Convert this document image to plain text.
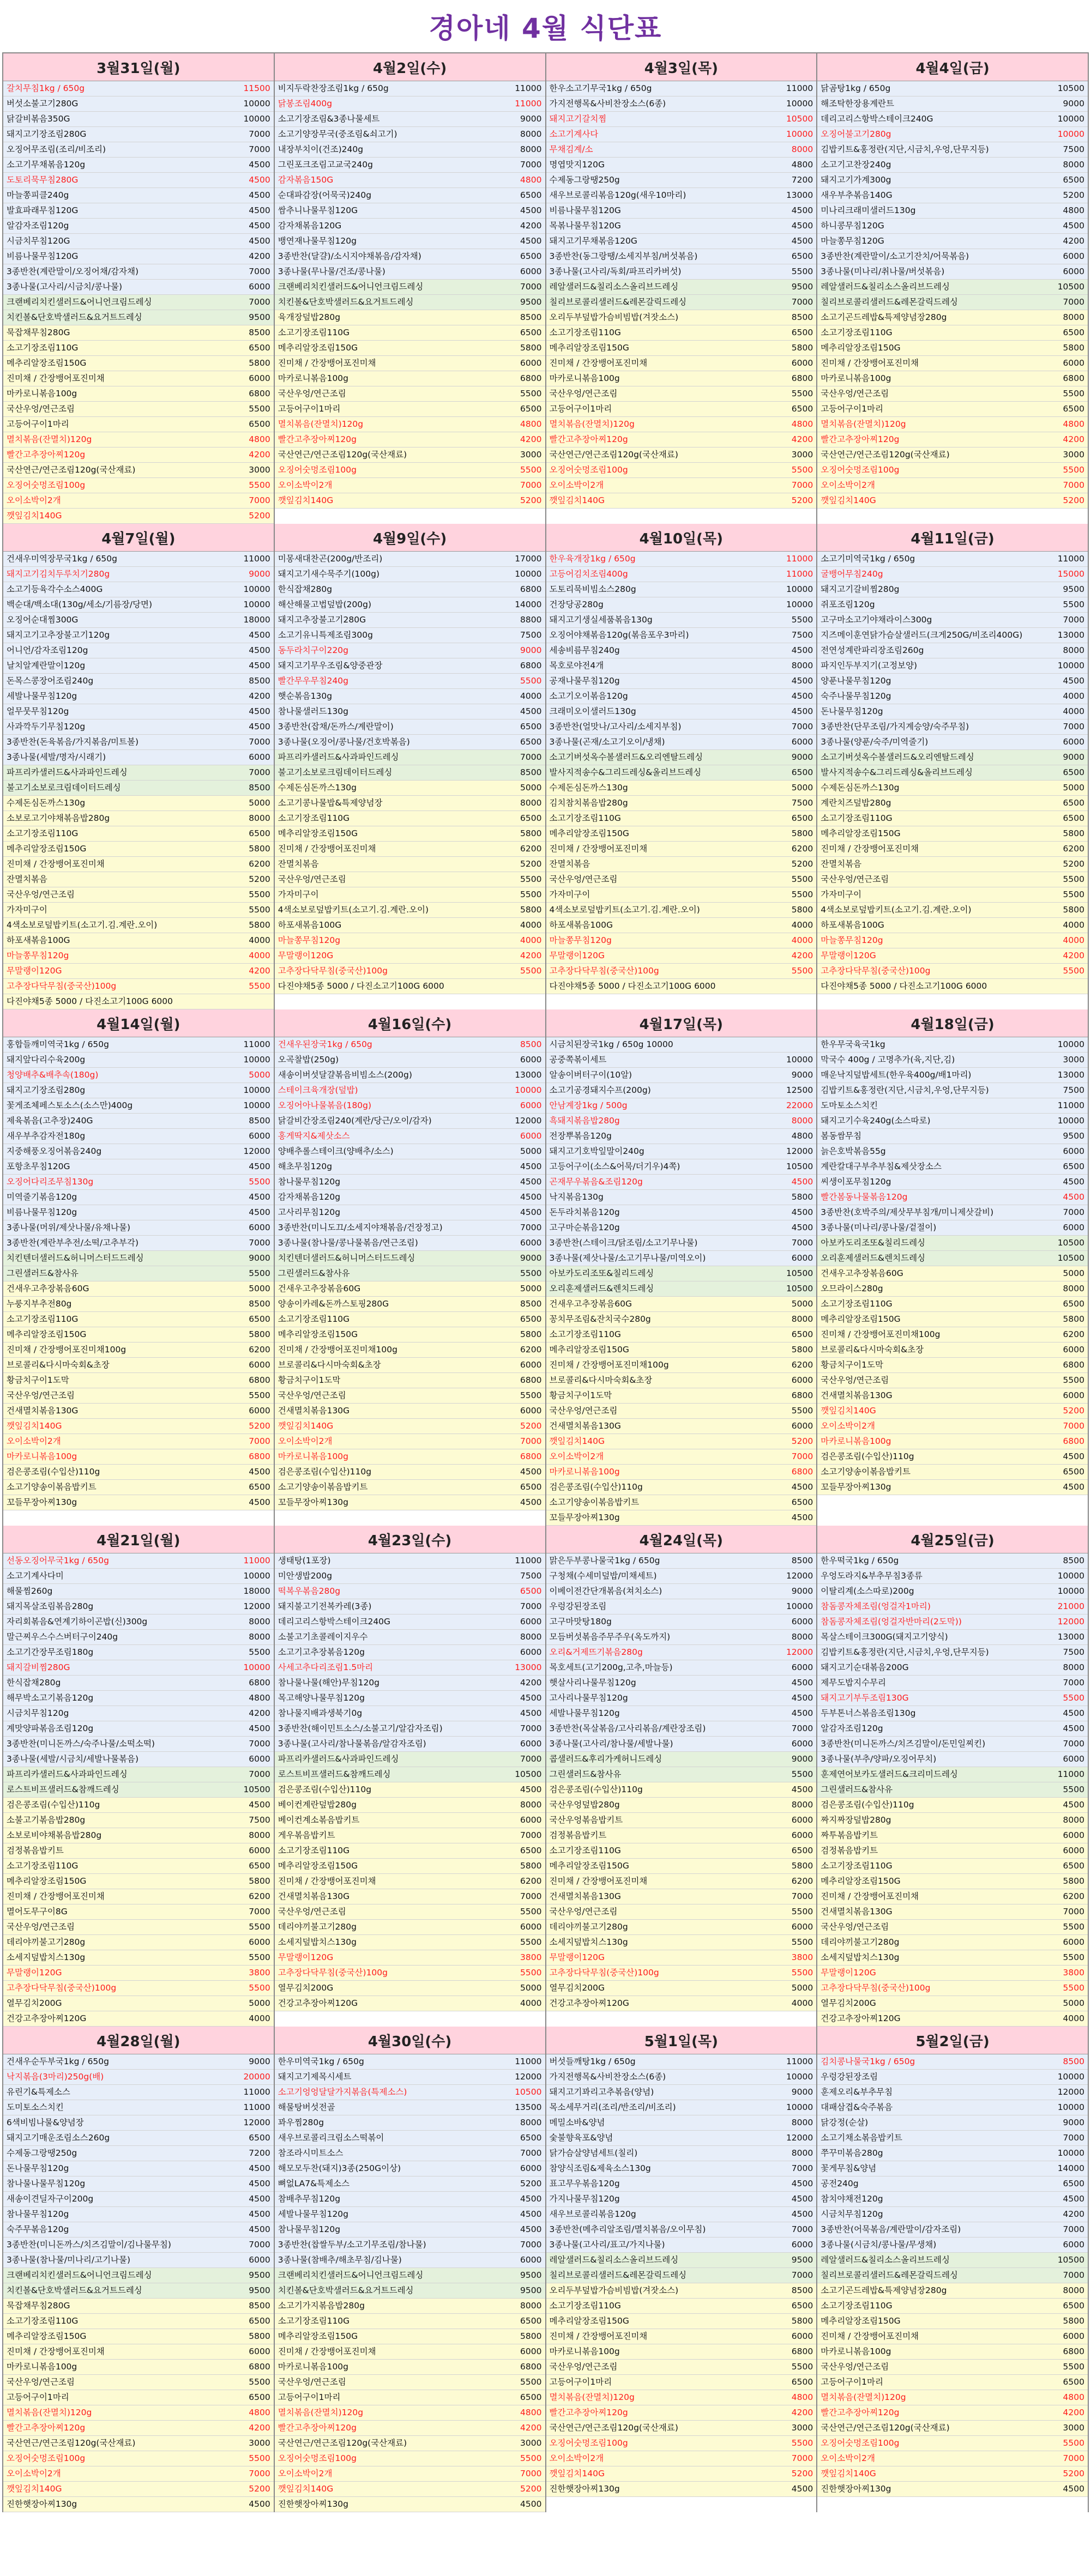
경아네 4월 식단표
3월31일(월)
갈치무침1kg / 650g	11500
버섯소불고기280G	10000
닭갈비볶음350G	10000
돼지고기장조림280G	7000
오징어무조림(조리/비조리)	7000
소고기무채볶음120g	4500
도토리묵무침280G	4500
마늘쫑피클240g	4500
발효파래무침120G	4500
알감자조림120g	4500
시금치무침120G	4500
비름나물무침120G	4200
3종반찬(계란말이/오징어채/감자채)	7000
3종나물(고사리/시금치/콩나물)	6000
크랜베리치킨샐러드&어니언크림드레싱	7000
치킨볼&단호박샐러드&요거트드레싱	9500
묵잡채무침280G	8500
소고기장조림110G	6500
메추리알장조림150G	5800
진미채 / 간장뱅어포진미채	6000
마카로니볶음100g	6800
국산우엉/연근조림	5500
고등어구이1마리	6500
멸치볶음(잔멸치)120g	4800
빨간고추장아찌120g	4200
국산연근/연근조림120g(국산재료)	3000
오징어숫멍조림100g	5500
오이소박이2개	7000
깻잎김치140G	5200
4월2일(수)
비지두락찬장조림1kg / 650g	11000
닭봉조림400g	11000
소고기장조림&3종나물세트	9000
소고기양장무국(중조림&쇠고기)	8000
내장부치이(건조)240g	8000
그린포크조림고교국240g	7000
감자볶음150G	4800
순대파감장(어묵국)240g	6500
쌈추니나물무침120G	4500
감자채볶음120G	4200
뱅연재나물무침120g	4500
3종반찬(달걀)/소시지야채볶음/감자채)	6500
3종나물(무나물/건조/콩나물)	6000
크랜베리치킨샐러드&어니언크림드레싱	7000
치킨볼&단호박샐러드&요거트드레싱	9500
육개장덮밥280g	8500
소고기장조림110G	6500
메추리알장조림150G	5800
진미채 / 간장뱅어포진미채	6000
마카로니볶음100g	6800
국산우엉/연근조림	5500
고등어구이1마리	6500
멸치볶음(잔멸치)120g	4800
빨간고추장아찌120g	4200
국산연근/연근조림120g(국산재료)	3000
오징어숫멍조림100g	5500
오이소박이2개	7000
깻잎김치140G	5200
4월3일(목)
한우소고기무국1kg / 650g	11000
가지전행목&사비찬장소스(6종)	10000
돼지고기갈치찜	10500
소고기계사다	10000
무채김계/소	8000
명엽맛지120G	4800
수제동그랑땡250g	7200
새우브로콜리볶음120g(새우10마리)	13000
비름나물무침120G	4500
목볶나물무침120G	4500
돼지고기무채볶음120G	4500
3종반찬(동그랑땡/소세지부침/버섯볶음)	6500
3종나물(고사리/독회/파프리카버섯)	5500
레알샐러드&칠리소스올리브드레싱	9500
칠리브로콜리샐러드&레몬갈릭드레싱	7000
오리두부덮밥가슴비빔밥(겨잣소스)	8500
소고기장조림110G	6500
메추리알장조림150G	5800
진미채 / 간장뱅어포진미채	6000
마카로니볶음100g	6800
국산우엉/연근조림	5500
고등어구이1마리	6500
멸치볶음(잔멸치)120g	4800
빨간고추장아찌120g	4200
국산연근/연근조림120g(국산재료)	3000
오징어숫멍조림100g	5500
오이소박이2개	7000
깻잎김치140G	5200
4월4일(금)
닭곰탕1kg / 650g	10500
해조탁한장용계란트	9000
데리고리스항박스테이크240G	10000
오징어불고기280g	10000
김밥키트&홍정란(지단,시금치,우엉,단무지등)	7500
소고기고찬장240g	8000
돼지고기가계300g	6500
새우부추볶음140G	5200
미나리크래미샐러드130g	4800
하니콩무침120G	4500
마늘쫑무침120G	4200
3종반찬(계란말이/소고기잔치/어묵볶음)	6000
3종나물(미나리/취나물/버섯볶음)	6000
레알샐러드&칠리소스올리브드레싱	10500
칠리브로콜리샐러드&레몬갈릭드레싱	7000
소고기곤드레밥&특제양념장280g	8000
소고기장조림110G	6500
메추리알장조림150G	5800
진미채 / 간장뱅어포진미채	6000
마카로니볶음100g	6800
국산우엉/연근조림	5500
고등어구이1마리	6500
멸치볶음(잔멸치)120g	4800
빨간고추장아찌120g	4200
국산연근/연근조림120g(국산재료)	3000
오징어숫멍조림100g	5500
오이소박이2개	7000
깻잎김치140G	5200
4월7일(월)
건새우미역장무국1kg / 650g	11000
돼지고기김치두루치기280g	9000
소고기등육각수소스400G	10000
백순대/백소대(130g/세소/기름장/당면)	10000
오징어순대찜300G	18000
돼지고기고추장불고기120g	4500
어니언/감자조림120g	4500
날치알계란말이120g	4500
돈목스콩장어조림240g	8500
세발나물무침120g	4200
얼무뭇무침120g	4500
사과깍두기무침120g	4500
3종반찬(돈육볶음/가지볶음/미트볼)	7000
3종나물(세발/명자/시래기)	6000
파프리카샐러드&사과파인드레싱	7000
불고기소보로크림데이터드레싱	8500
수제돈심돈까스130g	5000
소보로고기야채볶음밥280g	8000
소고기장조림110G	6500
메추리알장조림150G	5800
진미채 / 간장뱅어포진미채	6200
잔멸치볶음	5200
국산우엉/연근조림	5500
가자미구이	5500
4색소보로덮밥키트(소고기.김.계란.오이)	5800
하포새볶음100G	4000
마늘쫑무침120g	4000
무말랭이120G	4200
고추장다닥무침(중국산)100g	5500
다진야채5종 5000 / 다진소고기100G 6000
4월9일(수)
미몽새대찬곤(200g/반조리)	17000
돼지고기새수묵주기(100g)	10000
한식잡채280g	6800
해산해물고법덮밥(200g)	14000
돼지고추장불고기280G	8800
소고기유니특제조림300g	7500
동두라치구이220g	9000
돼지고기무우조림&양중관장	6800
빨간무우무침240g	5500
햇순볶음130g	4000
참나물샐러드130g	4500
3종반찬(잡채/돈까스/계란말이)	6500
3종나물(오징어/콩나물/건호박볶음)	6500
파프리카샐러드&사과파인드레싱	7000
불고기소보로크림데이터드레싱	8500
수제돈심돈까스130g	5000
소고기콩나물밥&특제양념장	8000
소고기장조림110G	6500
메추리알장조림150G	5800
진미채 / 간장뱅어포진미채	6200
잔멸치볶음	5200
국산우엉/연근조림	5500
가자미구이	5500
4색소보로덮밥키트(소고기.김.계란.오이)	5800
하포새볶음100G	4000
마늘쫑무침120g	4000
무말랭이120G	4200
고추장다닥무침(중국산)100g	5500
다진야채5종 5000 / 다진소고기100G 6000
4월10일(목)
한우육개장1kg / 650g	11000
고등어김치조림400g	11000
도토리묵비빔소스280g	10000
건장당공280g	10000
돼지고기생실세품볶음130g	5500
오징어야채볶음120g(볶음포우3마리)	7500
세송비름무침240g	4500
목호로야전4개	8000
공재나물무침120g	4500
소고기오이볶음120g	4500
크래미오이샐러드130g	4500
3종반찬(얼맛나/고사리/소세지부침)	7000
3종나물(곤재/소고기오이/냉채)	6000
소고기버섯옥수볼샐러드&오리엔탈드레싱	9000
발사지적송수&그리드레싱&올리브드레싱	6500
수제돈심돈까스130g	5000
김치참치볶음밥280g	7500
소고기장조림110G	6500
메추리알장조림150G	5800
진미채 / 간장뱅어포진미채	6200
잔멸치볶음	5200
국산우엉/연근조림	5500
가자미구이	5500
4색소보로덮밥키트(소고기.김.계란.오이)	5800
하포새볶음100G	4000
마늘쫑무침120g	4000
무말랭이120G	4200
고추장다닥무침(중국산)100g	5500
다진야채5종 5000 / 다진소고기100G 6000
4월11일(금)
소고기미역국1kg / 650g	11000
굴뱅어무침240g	15000
돼지고기갈비찜280g	9500
쥐포조림120g	5500
고구마소고기야채라이스300g	7000
지즈메이훈연닭가슴살샐러드(크게250G/비조리400G)	13000
전연성계란파리장조림260g	8000
파지인두부지기(고정보양)	10000
양푼나물무침120g	4500
숙주나물무침120g	4000
돈나물무침120g	4000
3종반찬(단무조림/가지계승양/숙주무침)	7000
3종나물(양푼/숙주/미역줄기)	6000
소고기버섯옥수볼샐러드&오리엔탈드레싱	9000
발사지적송수&그리드레싱&올리브드레싱	6500
수제돈심돈까스130g	5000
계란치즈덮밥280g	6500
소고기장조림110G	6500
메추리알장조림150G	5800
진미채 / 간장뱅어포진미채	6200
잔멸치볶음	5200
국산우엉/연근조림	5500
가자미구이	5500
4색소보로덮밥키트(소고기.김.계란.오이)	5800
하포새볶음100G	4000
마늘쫑무침120g	4000
무말랭이120G	4200
고추장다닥무침(중국산)100g	5500
다진야채5종 5000 / 다진소고기100G 6000
4월14일(월)
홍합들깨미역국1kg / 650g	11000
돼지앞다리수육200g	10000
청양배추&배추속(180g)	5000
돼지고기장조림280g	10000
꽃게조체페스토소스(소스만)400g	10000
제육볶음(고추장)240G	8500
새우부추감자전180g	6000
지중해풍오징어볶음240g	12000
포항초무침120G	4500
오징어다리조무침130g	5500
미역줄기볶음120g	4500
비름나물무침120g	4500
3종나물(머위/제삿나물/유채나물)	6000
3종반찬(계란부추전/소떡/고추부각)	7000
치킨텐더샐러드&허니머스터드드레싱	9000
그린샐러드&참사유	5500
건새우고추장볶음60G	5000
누룽지부추전80g	8500
소고기장조림110G	6500
메추리알장조림150G	5800
진미채 / 간장뱅어포진미채100g	6200
브로콜리&다시마숙회&초장	6000
황금치구이1도막	6800
국산우엉/연근조림	5500
건새멸치볶음130G	6000
깻잎김치140G	5200
오이소박이2개	7000
마카로니볶음100g	6800
검은콩조림(수입산)110g	4500
소고기양송이볶음밥키트	6500
꼬들무장아찌130g	4500
4월16일(수)
건새우된장국1kg / 650g	8500
오곡찰밥(250g)	6000
새송이버섯달걀볶음비빔소스(200g)	13000
스테이크육개장(덮밥)	10000
오징어아나물볶음(180g)	6000
닭갈비간장조림240(계란/당근/오이/감자)	12000
홍게딱지&제삿소스	6000
양배추롤스테이크(양배추/소스)	5000
해초무침120g	4500
참나물무침120g	4500
감자채볶음120g	4500
고사리무침120g	4500
3종반찬(미니도끄/소세지야채볶음/건장정고)	7000
3종나물(참나물/콩나물볶음/연근조림)	6000
치킨텐더샐러드&허니머스터드드레싱	9000
그린샐러드&참사유	5500
건새우고추장볶음60G	5000
양송이카레&돈까스토핑280G	8500
소고기장조림110G	6500
메추리알장조림150G	5800
진미채 / 간장뱅어포진미채100g	6200
브로콜리&다시마숙회&초장	6000
황금치구이1도막	6800
국산우엉/연근조림	5500
건새멸치볶음130G	6000
깻잎김치140G	5200
오이소박이2개	7000
마카로니볶음100g	6800
검은콩조림(수입산)110g	4500
소고기양송이볶음밥키트	6500
꼬들무장아찌130g	4500
4월17일(목)
시금치된장국1kg / 650g 10000
공중쪽볶이세트	10000
알송이버터구이(10알)	9000
소고기공경돼지수프(200g)	12500
안남계장1kg / 500g	22000
흑돼지볶음밥280g	8000
전장뿌볶음120g	4800
돼지고기호박잎말이240g	12000
고등어구이(소스&어묵/더기우)4쪽)	10500
곤재무우볶음&조림120g	4500
낙지볶음130g	5800
돈두라치볶음120g	4500
고구마순볶음120g	4500
3종반찬(스테이크/닭조림/소고기무나물)	7000
3종나물(제삿나물/소고기무나물/미역오이)	6000
아보카도리조또&칠리드레싱	10500
오리훈제샐러드&렌치드레싱	10500
건새우고추장볶음60G	5000
꽁치무조림&잔치국수280g	8000
소고기장조림110G	6500
메추리알장조림150G	5800
진미채 / 간장뱅어포진미채100g	6200
브로콜리&다시마숙회&초장	6000
황금치구이1도막	6800
국산우엉/연근조림	5500
건새멸치볶음130G	6000
깻잎김치140G	5200
오이소박이2개	7000
마카로니볶음100g	6800
검은콩조림(수입산)110g	4500
소고기양송이볶음밥키트	6500
꼬들무장아찌130g	4500
4월18일(금)
한우무국육국1kg	10000
막국수 400g / 고명추가(육,지단,김)	3000
매운낙지덮밥세트(한우육400g/배1마리)	13000
김밥키트&홍정란(지단,시금치,우엉,단무지등)	7500
도마토소스치킨	11000
돼지고기수육240g(소스따로)	10000
봄동쌈무침	9500
늙은호박볶음55g	6000
계란칼대구부추부침&제삿장소스	6500
씨생이포무침120g	4500
빨간봄동나물볶음120g	4500
3종반찬(호박주의/제삿무부침개/미니제삿갈비)	7000
3종나물(미나리/콩나물/겉절이)	6000
아보카도리조또&칠리드레싱	10500
오리훈제샐러드&렌치드레싱	10500
건새우고추장볶음60G	5000
오므라이스280g	8000
소고기장조림110G	6500
메추리알장조림150G	5800
진미채 / 간장뱅어포진미채100g	6200
브로콜리&다시마숙회&초장	6000
황금치구이1도막	6800
국산우엉/연근조림	5500
건새멸치볶음130G	6000
깻잎김치140G	5200
오이소박이2개	7000
마카로니볶음100g	6800
검은콩조림(수입산)110g	4500
소고기양송이볶음밥키트	6500
꼬들무장아찌130g	4500
4월21일(월)
선동오징어무국1kg / 650g	11000
소고기계사다미	10000
해물찜260g	18000
돼지목살조림볶음280g	12000
자리회볶음&연계기하이곤밥(신)300g	8000
말근찌우스수스버터구이240g	8000
소고기간장무조림180g	5500
돼지갈비찜280G	10000
한식잡채280g	6800
해무박소고기볶음120g	4800
시금치무침120g	4200
계맛양파볶음조림120g	4500
3종반찬(미니돈까스/숙주나물/소떡소떡)	7000
3종나물(세발/시금치/세발나물볶음)	6000
파프리카샐러드&사과파인드레싱	7000
로스트비프샐러드&참깨드레싱	10500
검은콩조림(수입산)110g	4500
소불고기볶음밥280g	7500
소보로비야채볶음밥280g	8000
검정볶음밥키트	6000
소고기장조림110G	6500
메추리알장조림150G	5800
진미채 / 간장뱅어포진미채	6200
멸어도무구이8G	7000
국산우엉/연근조림	5500
데리야끼불고기280g	6000
소세지덮밥치스130g	5500
무말랭이120G	3800
고추장다닥무침(중국산)100g	5500
열무김치200G	5000
건강고추장아찌120G	4000
4월23일(수)
생태탕(1포장)	11000
미안생밥200g	7500
떡복우볶음280g	6500
돼지불고기전복카레(3종)	7000
데리고리스항박스테이크240G	6000
소불고기초콜레이지우수	8000
소고기고추장볶음120g	6000
사세고추다리조림1.5마리	13000
참나물나물(해안)무침120g	4200
목고해양나물무침120g	4500
참나물지배과생북기0g	4500
3종반찬(해이민트소스/소불고기/알감자조림)	7000
3종나물(고사리/참나물볶음/알감자조림)	6000
파프리카샐러드&사과파인드레싱	7000
로스트비프샐러드&참깨드레싱	10500
검은콩조림(수입산)110g	4500
베이컨계란덮밥280g	8000
베이컨계소볶음밥키트	6000
게우볶음밥키트	7000
소고기장조림110G	6500
메추리알장조림150G	5800
진미채 / 간장뱅어포진미채	6200
건새멸치볶음130G	7000
국산우엉/연근조림	5500
데리야끼불고기280g	6000
소세지덮밥치스130g	5500
무말랭이120G	3800
고추장다닥무침(중국산)100g	5500
열무김치200G	5000
건강고추장아찌120G	4000
4월24일(목)
맑은두부콩나물국1kg / 650g	8500
구청채(수세미덮밥/미채세트)	12000
이베이전간단개볶음(쳐치소스)	9000
우렁강된장조림	10000
고구마맛탕180g	6000
모듬버섯볶음주무주우(옥도까지)	8000
오리&거제뜨기볶음280g	12000
목호세트(고기200g,고추,마늘등)	6000
햇살사리나물무침120g	4500
고사리나물무침120g	4500
세발나물무침120g	4500
3종반찬(목살볶음/고사리볶음/계란장조림)	7000
3종나물(고사리/참나물/세발나물)	6000
콥샐러드&후리가케허니드레싱	9000
그린샐러드&참사유	5500
검은콩조림(수입산)110g	4500
국산우엉덮밥280g	8000
국산우엉볶음밥키트	6000
검정볶음밥키트	6000
소고기장조림110G	6500
메추리알장조림150G	5800
진미채 / 간장뱅어포진미채	6200
건새멸치볶음130G	7000
국산우엉/연근조림	5500
데리야끼불고기280g	6000
소세지덮밥치스130g	5500
무말랭이120G	3800
고추장다닥무침(중국산)100g	5500
열무김치200G	5000
건강고추장아찌120G	4000
4월25일(금)
한우떡국1kg / 650g	8500
우엉도라지&부추무침3종류	10000
이탈리계(소스따로)200g	10000
참돔콩자체조림(엉걸자1마리)	21000
참돔콩자체조림(엉걸자반마리(2도막))	12000
목살스테이크300G(돼지고기양식)	13000
김밥키트&홍정란(지단,시금치,우엉,단무지등)	7500
돼지고기순대볶음200G	8000
제무도밥지수무리	7000
돼지고기부두조림130G	5500
두부톤너스볶음조림130g	4500
알감자조림120g	4500
3종반찬(미니돈까스/치즈김말이/돈민일찌킨)	7000
3종나물(부추/양파/오징어무치)	6000
훈제연어보카도샐러드&크리미드레싱	11000
그린샐러드&참사유	5500
검은콩조림(수입산)110g	4500
짜지짜장덮밥280g	8000
짜투볶음밥키트	6000
검정볶음밥키트	6000
소고기장조림110G	6500
메추리알장조림150G	5800
진미채 / 간장뱅어포진미채	6200
건새멸치볶음130G	7000
국산우엉/연근조림	5500
데리야끼불고기280g	6000
소세지덮밥치스130g	5500
무말랭이120G	3800
고추장다닥무침(중국산)100g	5500
열무김치200G	5000
건강고추장아찌120G	4000
4월28일(월)
건새우순두부국1kg / 650g	9000
낙지볶음(3마리)250g(배)	20000
유린기&특제소스	11000
도미토소스치킨	11000
6색비빔나물&양념장	12000
돼지고기매운조림소스260g	6500
수제동그랑땡250g	7200
돈나물무침120g	4500
참나물나물무침120g	4500
새송이견딜자구이200g	4500
참나물무침120g	4500
숙주무볶음120g	4500
3종반찬(미니돈까스/치즈김말이/김나물무침)	7000
3종나물(참나물/미나리/고기나물)	6000
크랜베리치킨샐러드&어니언크림드레싱	9500
치킨볼&단호박샐러드&요거트드레싱	9500
묵잡채무침280G	8500
소고기장조림110G	6500
메추리알장조림150G	5800
진미채 / 간장뱅어포진미채	6000
마카로니볶음100g	6800
국산우엉/연근조림	5500
고등어구이1마리	6500
멸치볶음(잔멸치)120g	4800
빨간고추장아찌120g	4200
국산연근/연근조림120g(국산재료)	3000
오징어숫멍조림100g	5500
오이소박이2개	7000
깻잎김치140G	5200
진한햇장아찌130g	4500
4월30일(수)
한우미역국1kg / 650g	11000
돼지고기제목시세트	12000
소고기엉엉달달가지볶음(특제소스)	10500
해물탕버섯전골	13500
꽈우찜280g	8000
새우브로콜리크림소스떡볶이	6500
참조라시미트소스	7000
해모모두찬(돼지)3종(250G이상)	6000
뼈없LA7&특제소스	5200
참배추무침120g	4500
세발나물무침120g	4500
참나물무침120g	4500
3종반찬(찹쌀두부/소고기무조림/참나물)	7000
3종나물(참배추/해초무침/김나물)	6000
크랜베리치킨샐러드&어니언크림드레싱	9500
치킨볼&단호박샐러드&요거트드레싱	9500
소고기가지볶음밥280g	8000
소고기장조림110G	6500
메추리알장조림150G	5800
진미채 / 간장뱅어포진미채	6000
마카로니볶음100g	6800
국산우엉/연근조림	5500
고등어구이1마리	6500
멸치볶음(잔멸치)120g	4800
빨간고추장아찌120g	4200
국산연근/연근조림120g(국산재료)	3000
오징어숫멍조림100g	5500
오이소박이2개	7000
깻잎김치140G	5200
진한햇장아찌130g	4500
5월1일(목)
버섯들깨탕1kg / 650g	11000
가지전행목&사비찬장소스(6종)	10000
돼지고기꽈리고추볶음(양념)	9000
목소세무거리(조리/반조리/비조리)	10000
메밀소바&양념	8000
숯불향육포&양념	12000
닭가슴살양념세트(칠리)	8000
참양식조림&제육소스130g	7000
표고무우볶음120g	4500
가지나물무침120g	4500
새우브로콜리볶음120g	4500
3종반찬(메추리알조림/멸치볶음/오이무침)	7000
3종나물(고사리/표고/가지나물)	6000
레알샐러드&칠리소스올리브드레싱	9500
칠리브로콜리샐러드&레몬갈릭드레싱	7000
오리두부덮밥가슴비빔밥(겨잣소스)	8500
소고기장조림110G	6500
메추리알장조림150G	5800
진미채 / 간장뱅어포진미채	6000
마카로니볶음100g	6800
국산우엉/연근조림	5500
고등어구이1마리	6500
멸치볶음(잔멸치)120g	4800
빨간고추장아찌120g	4200
국산연근/연근조림120g(국산재료)	3000
오징어숫멍조림100g	5500
오이소박이2개	7000
깻잎김치140G	5200
진한햇장아찌130g	4500
5월2일(금)
김치콩나물국1kg / 650g	8500
우렁강된장조림	10000
훈제오리&부추무침	12000
대패삼겹&숙주볶음	10000
닭강정(순살)	9000
소고기채소볶음밥키트	7000
쭈꾸미볶음280g	10000
꽃게무침&양념	14000
공전240g	6500
참치야채전120g	4500
시금치무침120g	4200
3종반찬(어묵볶음/계란말이/감자조림)	7000
3종나물(시금치/콩나물/무생채)	6000
레알샐러드&칠리소스올리브드레싱	10500
칠리브로콜리샐러드&레몬갈릭드레싱	7000
소고기곤드레밥&특제양념장280g	8000
소고기장조림110G	6500
메추리알장조림150G	5800
진미채 / 간장뱅어포진미채	6000
마카로니볶음100g	6800
국산우엉/연근조림	5500
고등어구이1마리	6500
멸치볶음(잔멸치)120g	4800
빨간고추장아찌120g	4200
국산연근/연근조림120g(국산재료)	3000
오징어숫멍조림100g	5500
오이소박이2개	7000
깻잎김치140G	5200
진한햇장아찌130g	4500
